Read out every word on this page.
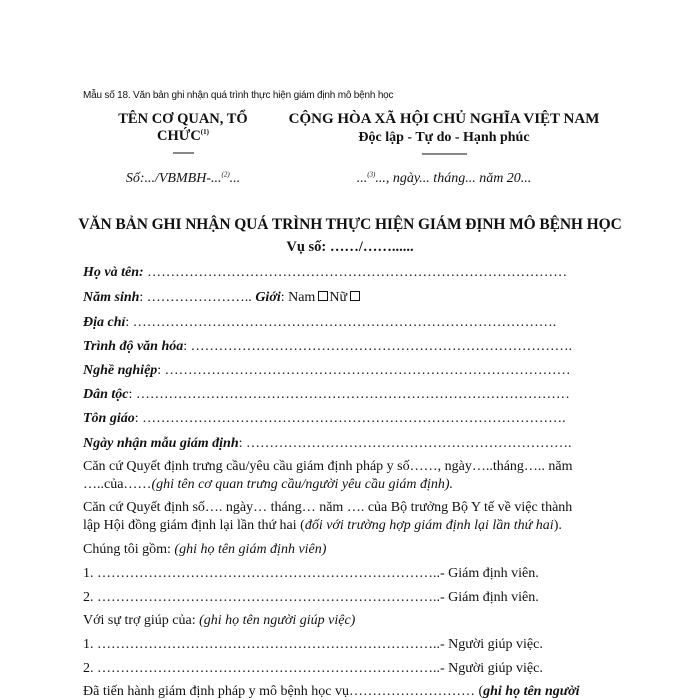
Mẫu số 18. Văn bản ghi nhận quá trình thực hiện giám định mô bệnh học
TÊN CƠ QUAN, TỔ CHỨC$^{(1)}$
-------
Số:.../VBMBH-...$^{(2)}$...
CỘNG HÒA XÃ HỘI CHỦ NGHĨA VIỆT NAM
Độc lập - Tự do - Hạnh phúc
---------------
...$^{(3)}$..., ngày... tháng... năm 20...
VĂN BẢN GHI NHẬN QUÁ TRÌNH THỰC HIỆN GIÁM ĐỊNH MÔ BỆNH HỌC
Vụ số: ……/……......
Họ và tên: ………………………………………………………………………………
Năm sinh: ………………….. Giới: Nam Nữ
Địa chỉ: ……………………………………………………………………………….
Trình độ văn hóa: ……………………………………………………………………….
Nghề nghiệp: ……………………………………………………………………………
Dân tộc: …………………………………………………………………………………
Tôn giáo: ……………………………………………………………………………….
Ngày nhận mẫu giám định: …………………………………………………………….
Căn cứ Quyết định trưng cầu/yêu cầu giám định pháp y số……, ngày…..tháng….. năm
…..của……(ghi tên cơ quan trưng cầu/người yêu cầu giám định).
Căn cứ Quyết định số…. ngày… tháng… năm …. của Bộ trưởng Bộ Y tế về việc thành
lập Hội đồng giám định lại lần thứ hai (đối với trường hợp giám định lại lần thứ hai).
Chúng tôi gồm: (ghi họ tên giám định viên)
1. ………………………………………………………………..- Giám định viên.
2. ………………………………………………………………..- Giám định viên.
Với sự trợ giúp của: (ghi họ tên người giúp việc)
1. ………………………………………………………………..- Người giúp việc.
2. ………………………………………………………………..- Người giúp việc.
Đã tiến hành giám định pháp y mô bệnh học vụ……………………… (ghi họ tên người
